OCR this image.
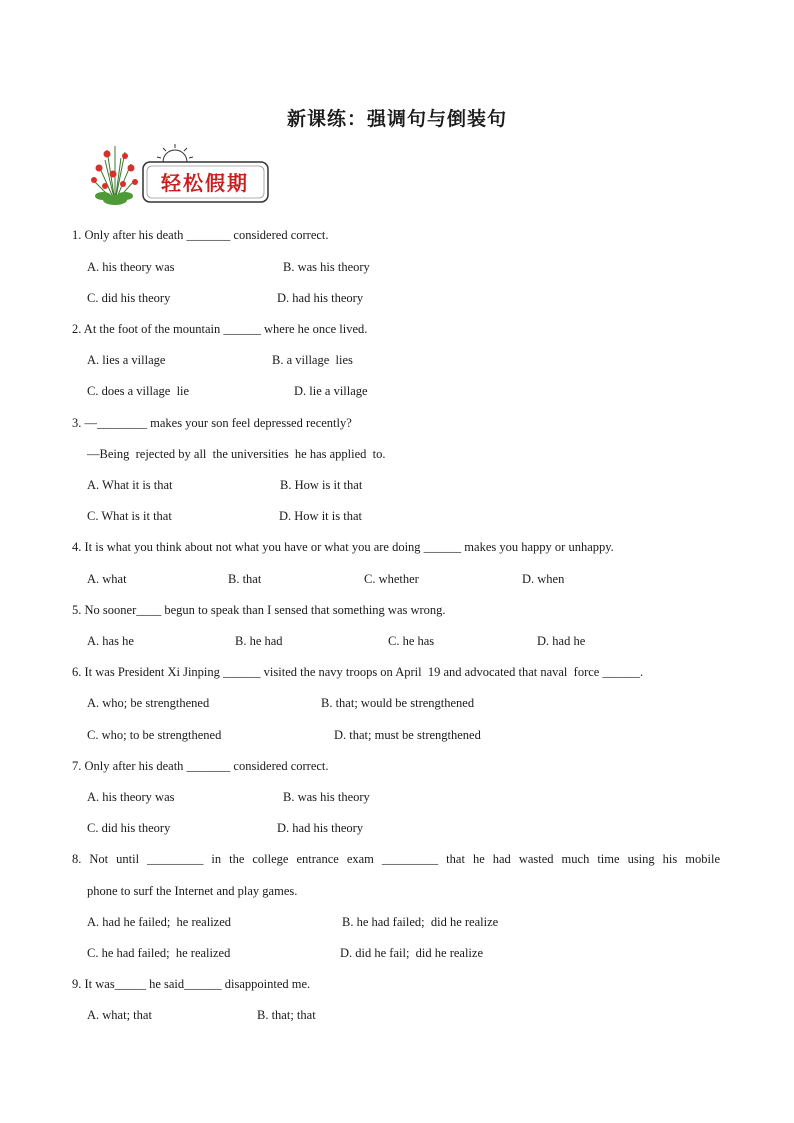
新课练：强调句与倒装句
轻松假期
1. Only after his death _______ considered correct.
A. his theory was	B. was his theory
C. did his theory	D. had his theory
2. At the foot of the mountain ______ where he once lived.
A. lies a village	B. a village  lies
C. does a village  lie	D. lie a village
3. —________ makes your son feel depressed recently?
—Being  rejected by all  the universities  he has applied  to.
A. What it is that	B. How is it that
C. What is it that	D. How it is that
4. It is what you think about not what you have or what you are doing ______ makes you happy or unhappy.
A. what	B. that	C. whether	D. when
5. No sooner____ begun to speak than I sensed that something was wrong.
A. has he	B. he had	C. he has	D. had he
6. It was President Xi Jinping ______ visited the navy troops on April  19 and advocated that naval  force ______.
A. who; be strengthened	B. that; would be strengthened
C. who; to be strengthened	D. that; must be strengthened
7. Only after his death _______ considered correct.
A. his theory was	B. was his theory
C. did his theory	D. had his theory
8. Not until _________ in the college entrance exam _________ that he had wasted much time using his mobile
phone to surf the Internet and play games.
A. had he failed;  he realized	B. he had failed;  did he realize
C. he had failed;  he realized	D. did he fail;  did he realize
9. It was_____ he said______ disappointed me.
A. what; that	B. that; that
